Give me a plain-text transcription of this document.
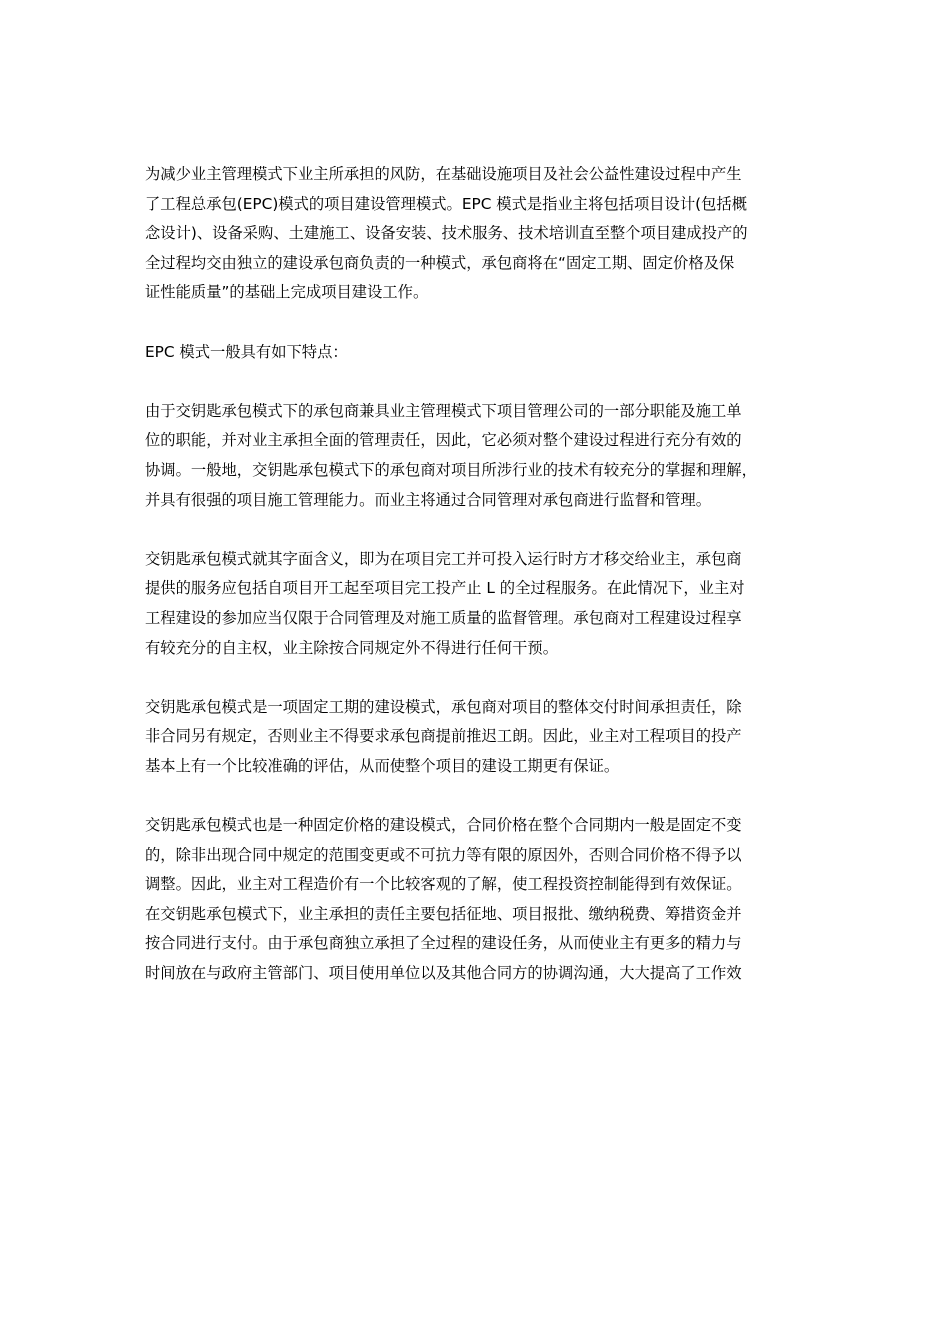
为减少业主管理模式下业主所承担的风防，在基础设施项目及社会公益性建设过程中产生
了工程总承包(EPC)模式的项目建设管理模式。EPC 模式是指业主将包括项目设计(包括概
念设计)、设备采购、土建施工、设备安装、技术服务、技术培训直至整个项目建成投产的
全过程均交由独立的建设承包商负责的一种模式，承包商将在“固定工期、固定价格及保
证性能质量”的基础上完成项目建设工作。
EPC 模式一般具有如下特点：
由于交钥匙承包模式下的承包商兼具业主管理模式下项目管理公司的一部分职能及施工单
位的职能，并对业主承担全面的管理责任，因此，它必须对整个建设过程进行充分有效的
协调。一般地，交钥匙承包模式下的承包商对项目所涉行业的技术有较充分的掌握和理解，
并具有很强的项目施工管理能力。而业主将通过合同管理对承包商进行监督和管理。
交钥匙承包模式就其字面含义，即为在项目完工并可投入运行时方才移交给业主，承包商
提供的服务应包括自项目开工起至项目完工投产止 L 的全过程服务。在此情况下，业主对
工程建设的参加应当仅限于合同管理及对施工质量的监督管理。承包商对工程建设过程享
有较充分的自主权，业主除按合同规定外不得进行任何干预。
交钥匙承包模式是一项固定工期的建设模式，承包商对项目的整体交付时间承担责任，除
非合同另有规定，否则业主不得要求承包商提前推迟工朗。因此，业主对工程项目的投产
基本上有一个比较准确的评估，从而使整个项目的建设工期更有保证。
交钥匙承包模式也是一种固定价格的建设模式，合同价格在整个合同期内一般是固定不变
的，除非出现合同中规定的范围变更或不可抗力等有限的原因外，否则合同价格不得予以
调整。因此，业主对工程造价有一个比较客观的了解，使工程投资控制能得到有效保证。
在交钥匙承包模式下，业主承担的责任主要包括征地、项目报批、缴纳税费、筹措资金并
按合同进行支付。由于承包商独立承担了全过程的建设任务，从而使业主有更多的精力与
时间放在与政府主管部门、项目使用单位以及其他合同方的协调沟通，大大提高了工作效
